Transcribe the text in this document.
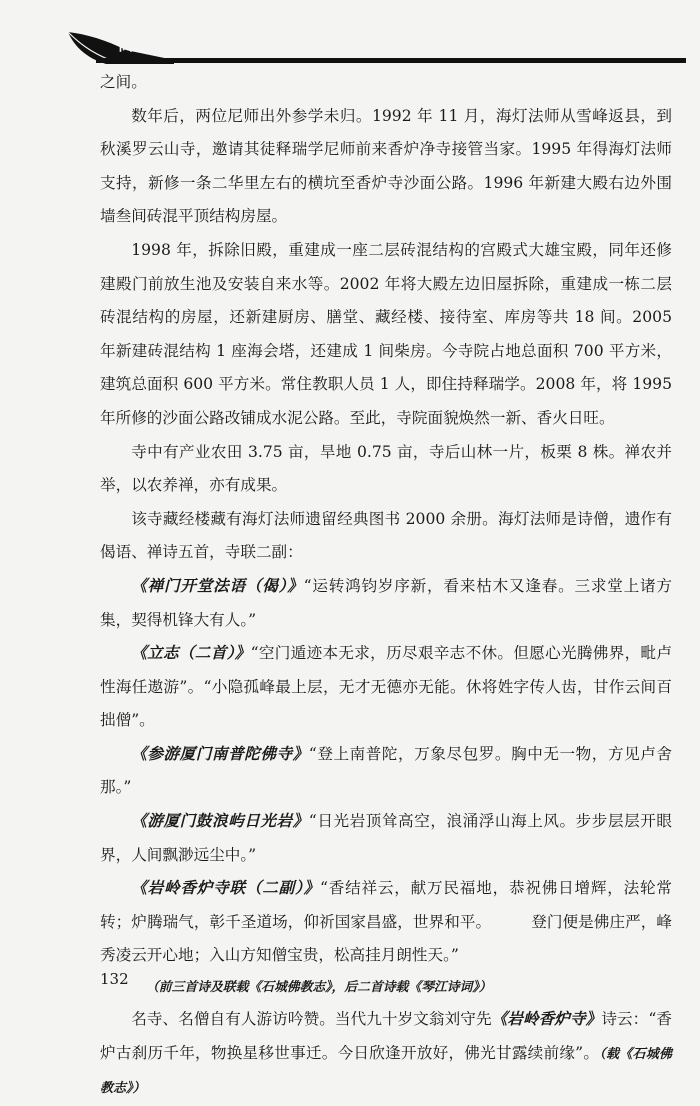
高田镇

之间。

数年后，两位尼师出外参学未归。1992 年 11 月，海灯法师从雪峰返县，到秋溪罗云山寺，邀请其徒释瑞学尼师前来香炉净寺接管当家。1995 年得海灯法师支持，新修一条二华里左右的横坑至香炉寺沙面公路。1996 年新建大殿右边外围墙叁间砖混平顶结构房屋。

1998 年，拆除旧殿，重建成一座二层砖混结构的宫殿式大雄宝殿，同年还修建殿门前放生池及安装自来水等。2002 年将大殿左边旧屋拆除，重建成一栋二层砖混结构的房屋，还新建厨房、膳堂、藏经楼、接待室、库房等共 18 间。2005 年新建砖混结构 1 座海会塔，还建成 1 间柴房。今寺院占地总面积 700 平方米，建筑总面积 600 平方米。常住教职人员 1 人，即住持释瑞学。2008 年，将 1995 年所修的沙面公路改铺成水泥公路。至此，寺院面貌焕然一新、香火日旺。

寺中有产业农田 3.75 亩，旱地 0.75 亩，寺后山林一片，板栗 8 株。禅农并举，以农养禅，亦有成果。

该寺藏经楼藏有海灯法师遗留经典图书 2000 余册。海灯法师是诗僧，遗作有偈语、禅诗五首，寺联二副：

《禅门开堂法语（偈）》“运转鸿钧岁序新，看来枯木又逢春。三求堂上诸方集，契得机锋大有人。”

《立志（二首）》“空门遁迹本无求，历尽艰辛志不休。但愿心光腾佛界，毗卢性海任遨游”。“小隐孤峰最上层，无才无德亦无能。休将姓字传人齿，甘作云间百拙僧”。

《参游厦门南普陀佛寺》“登上南普陀，万象尽包罗。胸中无一物，方见卢舍那。”

《游厦门鼓浪屿日光岩》“日光岩顶耸高空，浪涌浮山海上风。步步层层开眼界，人间飘渺远尘中。”

《岩岭香炉寺联（二副）》“香结祥云，献万民福地，恭祝佛日增辉，法轮常转；炉腾瑞气，彰千圣道场，仰祈国家昌盛，世界和平。	登门便是佛庄严，峰秀凌云开心地；入山方知僧宝贵，松高挂月朗性天。”

（前三首诗及联载《石城佛教志》，后二首诗载《琴江诗词》）

名寺、名僧自有人游访吟赞。当代九十岁文翁刘守先《岩岭香炉寺》诗云：“香炉古刹历千年，物换星移世事迁。今日欣逢开放好，佛光甘露续前缘”。（载《石城佛教志》）

132
